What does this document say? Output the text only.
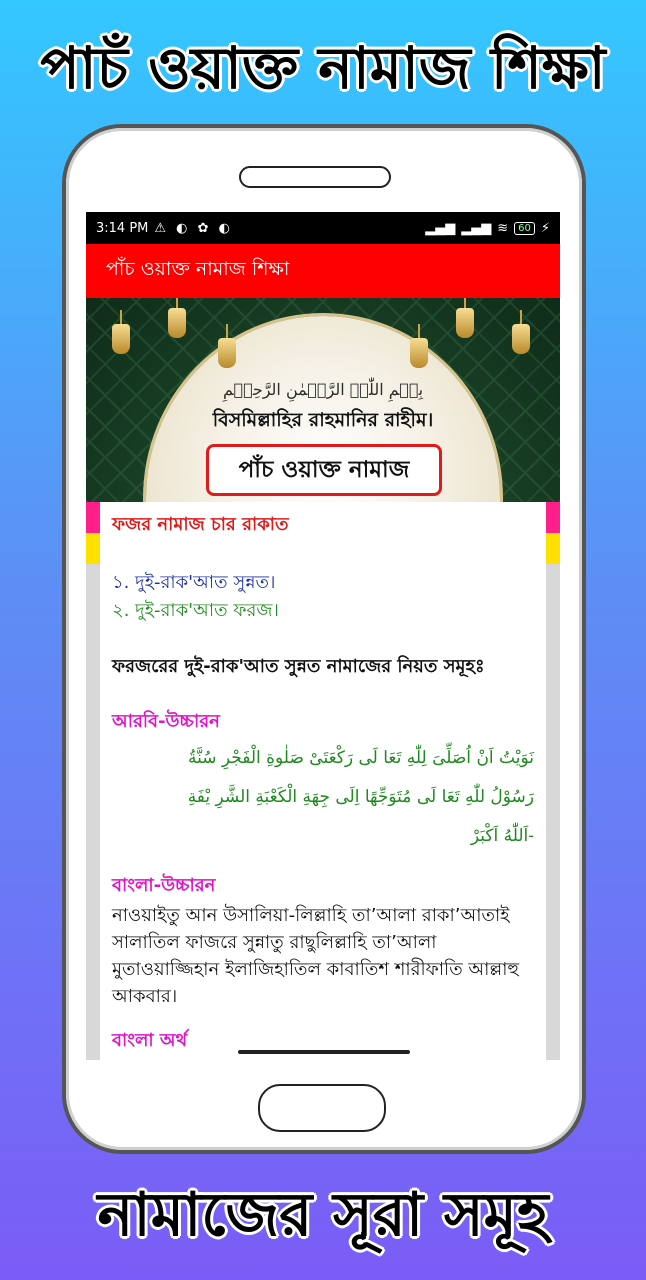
পাচঁ ওয়াক্ত নামাজ শিক্ষা
3:14 PM ⚠ ◐ ✿ ◐	▂▄▆ ▂▄▆ ≋	60 ⚡
পাঁচ ওয়াক্ত নামাজ শিক্ষা
بِسۡمِ اللّٰہِ الرَّحۡمٰنِ الرَّحِیۡمِ
বিসমিল্লাহির রাহমানির রাহীম।
পাঁচ ওয়াক্ত নামাজ
ফজর নামাজ চার রাকাত
১. দুই-রাক'আত সুন্নত।
২. দুই-রাক'আত ফরজ।
ফরজরের দুই-রাক'আত সুন্নত নামাজের নিয়ত সমূহঃ
আরবি-উচ্চারন
نَوَيْتُ اَنْ اُصَلِّىَ لِلّٰهِ تَعَا لَى رَكْعَتَىْ صَلٰوةِ الْفَجْرِ سُنَّةُ
رَسُوْلُ للّٰهِ تَعَا لَى مُتَوَجِّهًا اِلَى جِهَةِ الْكَعْبَةِ الشَّرِ يْفَةِ
-اَللّٰهُ اَكْبَرْ
বাংলা-উচ্চারন
নাওয়াইতু আন উসালিয়া-লিল্লাহি তা’আলা রাকা’আতাই সালাতিল ফাজরে সুন্নাতু রাছুলিল্লাহি তা’আলা মুতাওয়াজ্জিহান ইলাজিহাতিল কাবাতিশ শারীফাতি আল্লাহু আকবার।
বাংলা অর্থ
নামাজের সূরা সমূহ
